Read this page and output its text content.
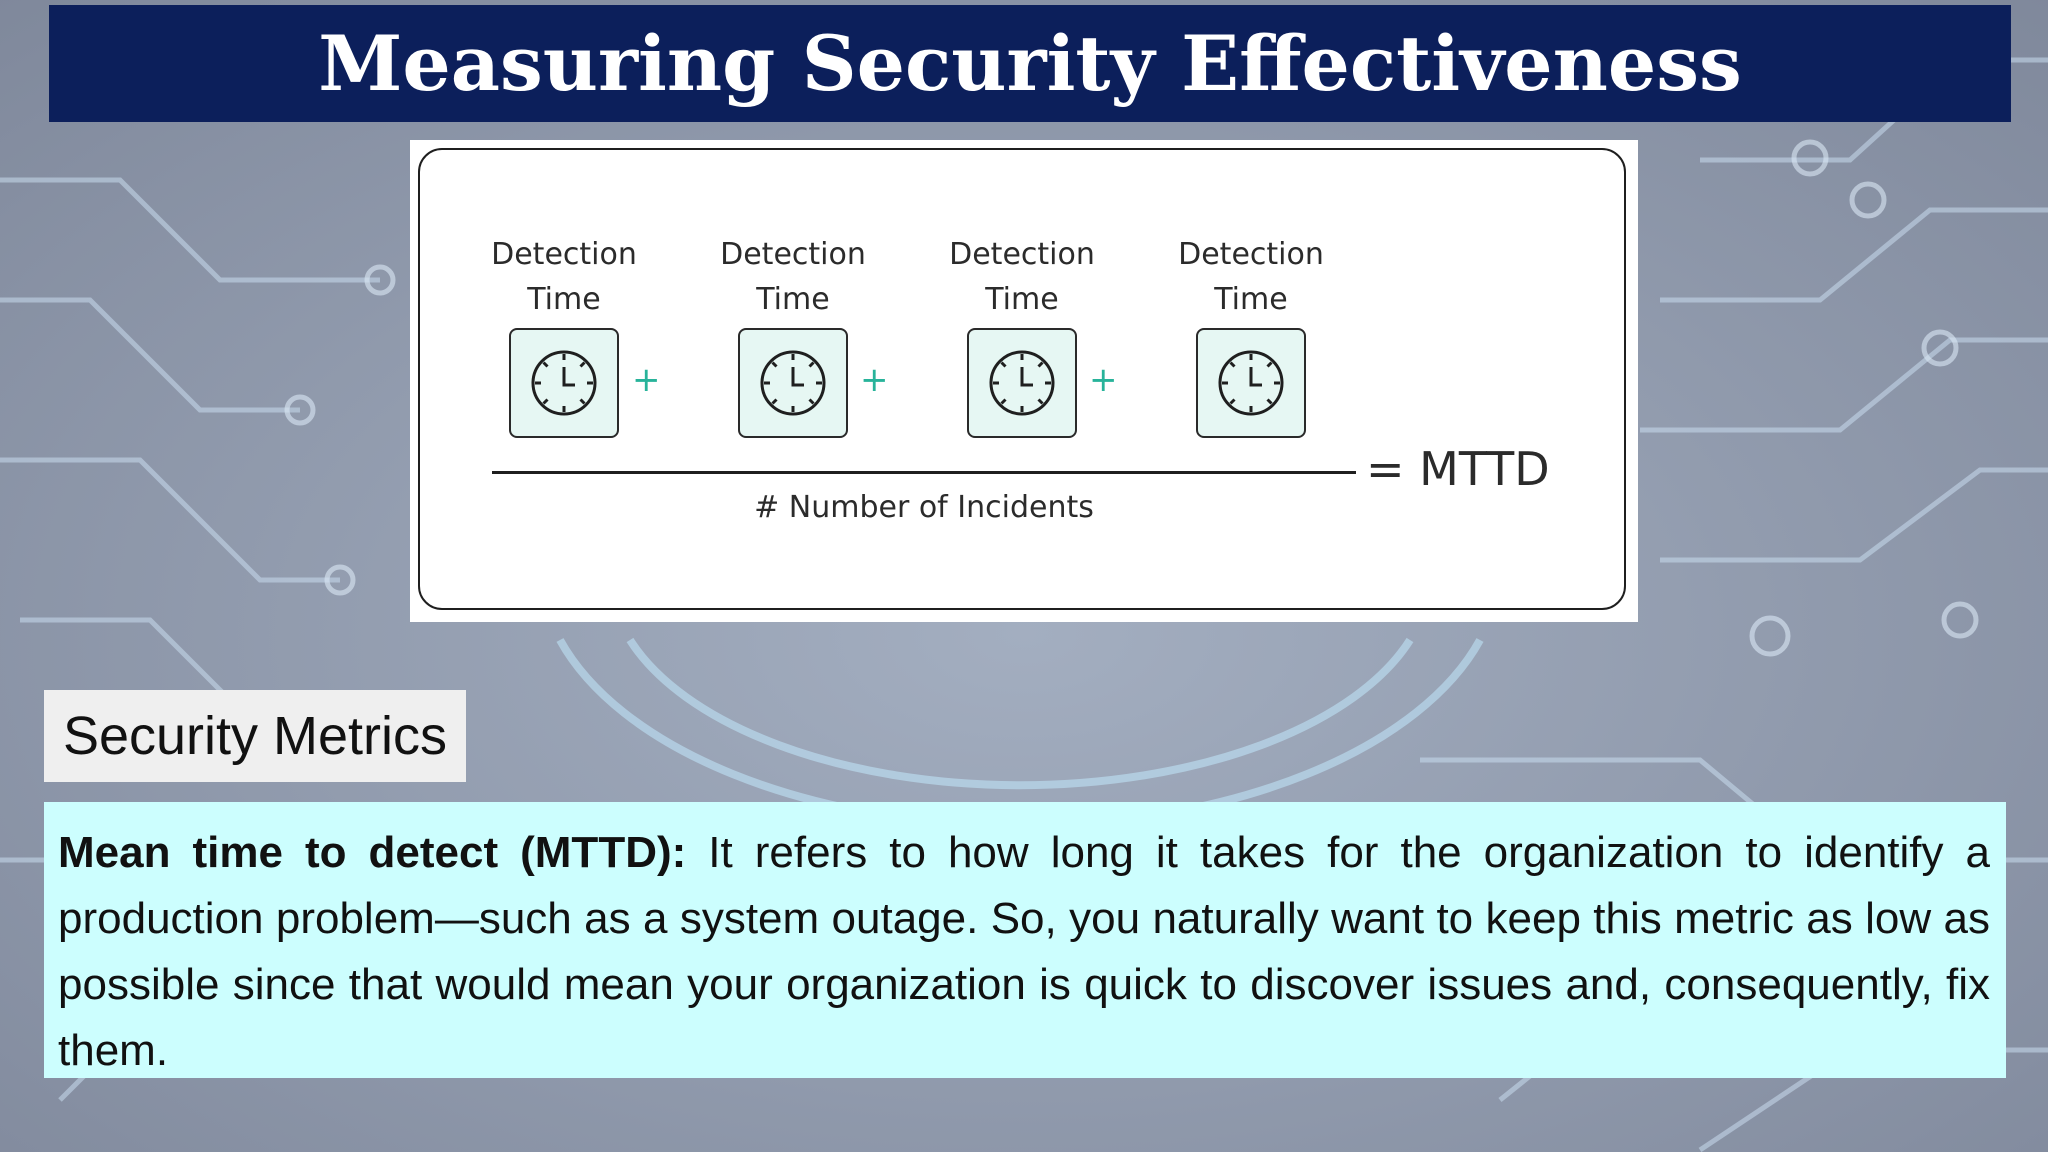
Measuring Security Effectiveness
Detection
Time
Detection
Time
Detection
Time
Detection
Time
+	+	+
= MTTD
# Number of Incidents
Security Metrics
Mean time to detect (MTTD): It refers to how long it takes for the organization to identify a production problem—such as a system outage. So, you naturally want to keep this metric as low as possible since that would mean your organization is quick to discover issues and, consequently, fix them.
